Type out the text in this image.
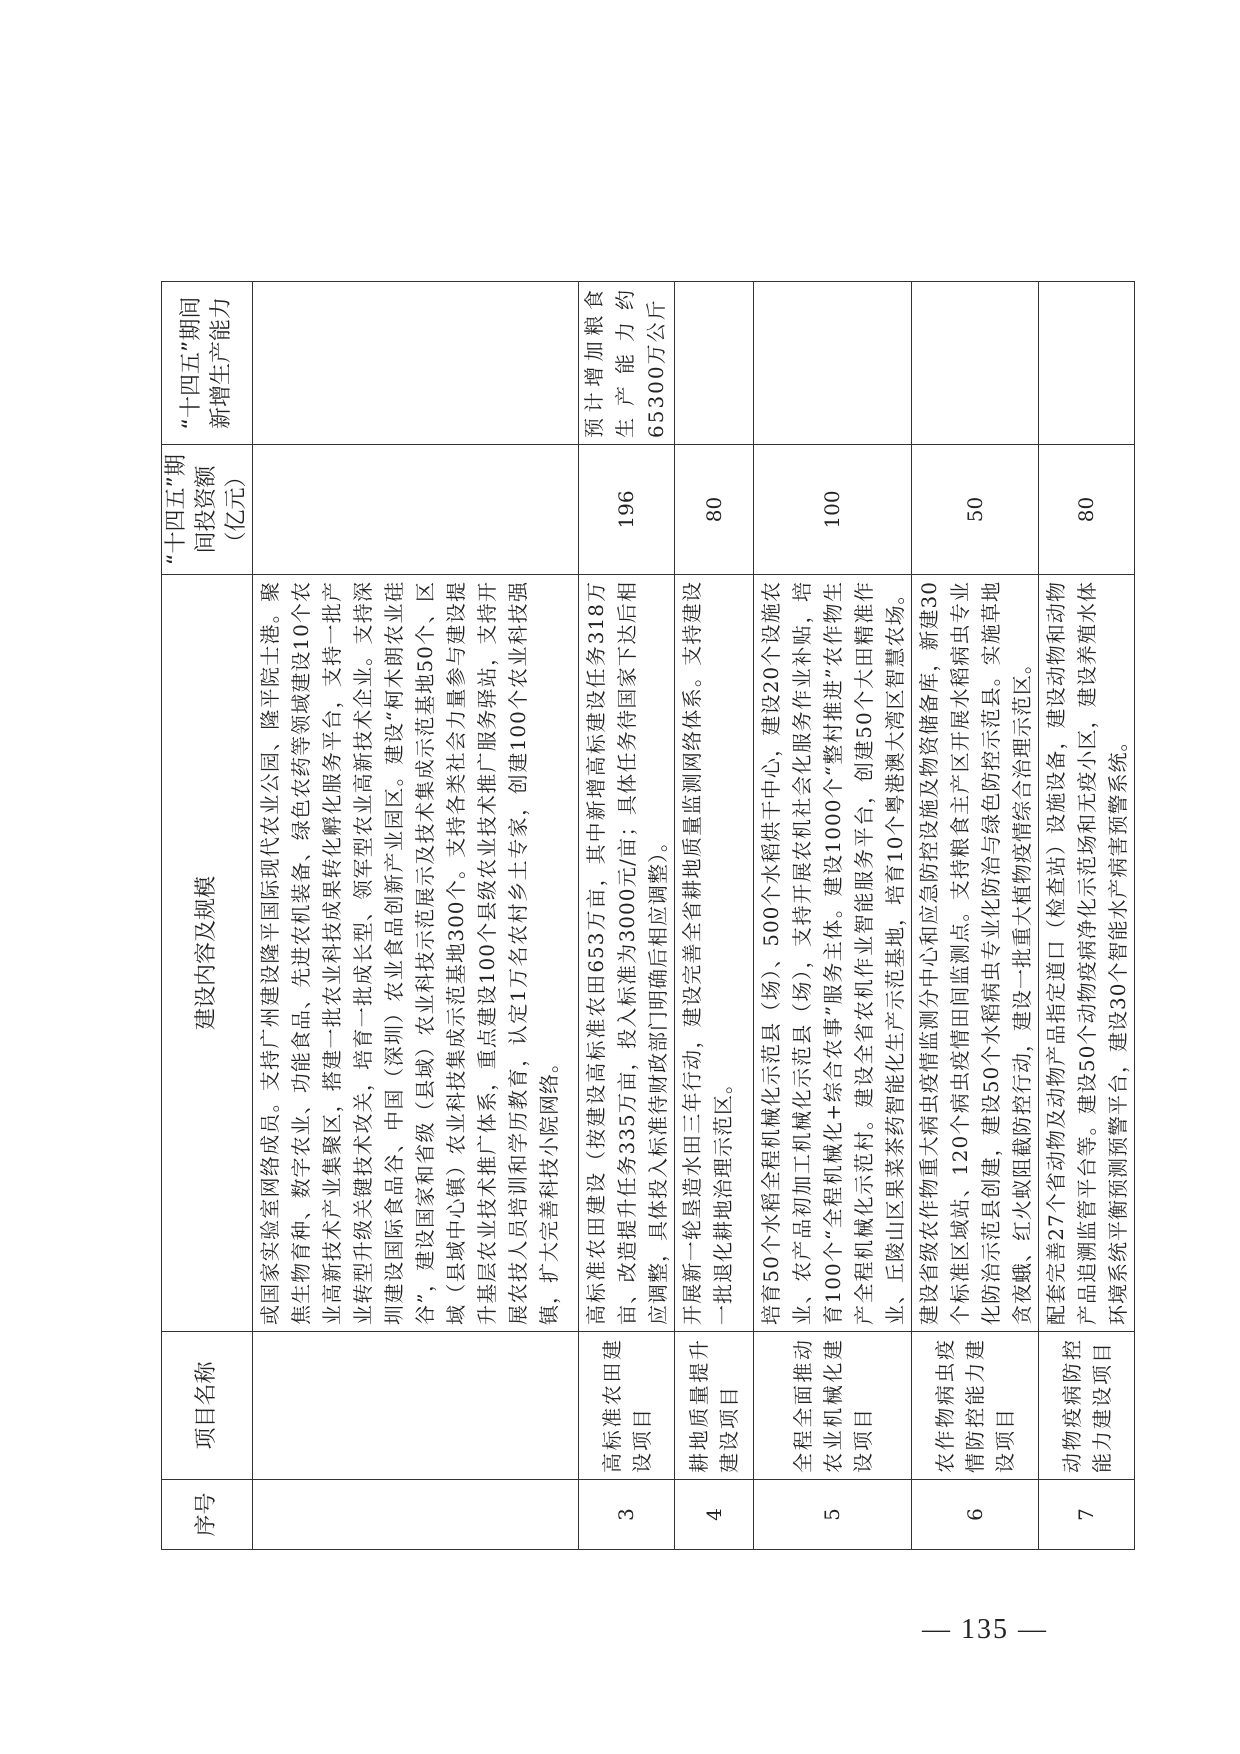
序号	项目名称	建设内容及规模	“十四五”期间投资额（亿元）	“十四五”期间新增生产能力
		或国家实验室网络成员。支持广州建设隆平国际现代农业公园、隆平院士港。聚焦生物育种、数字农业、功能食品、先进农机装备、绿色农药等领域建设10个农业高新技术产业集聚区，搭建一批农业科技成果转化孵化服务平台，支持一批产业转型升级关键技术攻关，培育一批成长型、领军型农业高新技术企业。支持深圳建设国际食品谷、中国（深圳）农业食品创新产业园区。建设“柯木朗农业硅谷”，建设国家和省级（县域）农业科技示范展示及技术集成示范基地50个、区域（县域中心镇）农业科技集成示范基地300个。支持各类社会力量参与建设提升基层农业技术推广体系，重点建设100个县级农业技术推广服务驿站，支持开展农技人员培训和学历教育，认定1万名农村乡土专家，创建100个农业科技强镇，扩大完善科技小院网络。		
3	高标准农田建设项目	高标准农田建设（按建设高标准农田653万亩，其中新增高标建设任务318万亩、改造提升任务335万亩，投入标准为3000元/亩；具体任务待国家下达后相应调整，具体投入标准待财政部门明确后相应调整）。	196	预计增加粮食生产能力约65300万公斤
4	耕地质量提升建设项目	开展新一轮垦造水田三年行动，建设完善全省耕地质量监测网络体系。支持建设一批退化耕地治理示范区。	80	
5	全程全面推动农业机械化建设项目	培育50个水稻全程机械化示范县（场）、500个水稻烘干中心，建设20个设施农业、农产品初加工机械化示范县（场），支持开展农机社会化服务作业补贴，培育100个“全程机械化+综合农事”服务主体。建设1000个“整村推进”农作物生产全程机械化示范村。建设全省农机作业智能服务平台，创建50个大田精准作业、丘陵山区果菜茶药智能化生产示范基地，培育10个粤港澳大湾区智慧农场。	100	
6	农作物病虫疫情防控能力建设项目	建设省级农作物重大病虫疫情监测分中心和应急防控设施及物资储备库，新建30个标准区域站、120个病虫疫情田间监测点。支持粮食主产区开展水稻病虫专业化防治示范县创建，建设50个水稻病虫专业化防治与绿色防控示范县。实施草地贪夜蛾、红火蚁阻截防控行动，建设一批重大植物疫情综合治理示范区。	50	
7	动物疫病防控能力建设项目	配套完善27个省动物及动物产品指定道口（检查站）设施设备，建设动物和动物产品追溯监管平台等。建设50个动物疫病净化示范场和无疫小区，建设养殖水体环境系统平衡预测预警平台，建设30个智能水产病害预警系统。	80	
— 135 —
